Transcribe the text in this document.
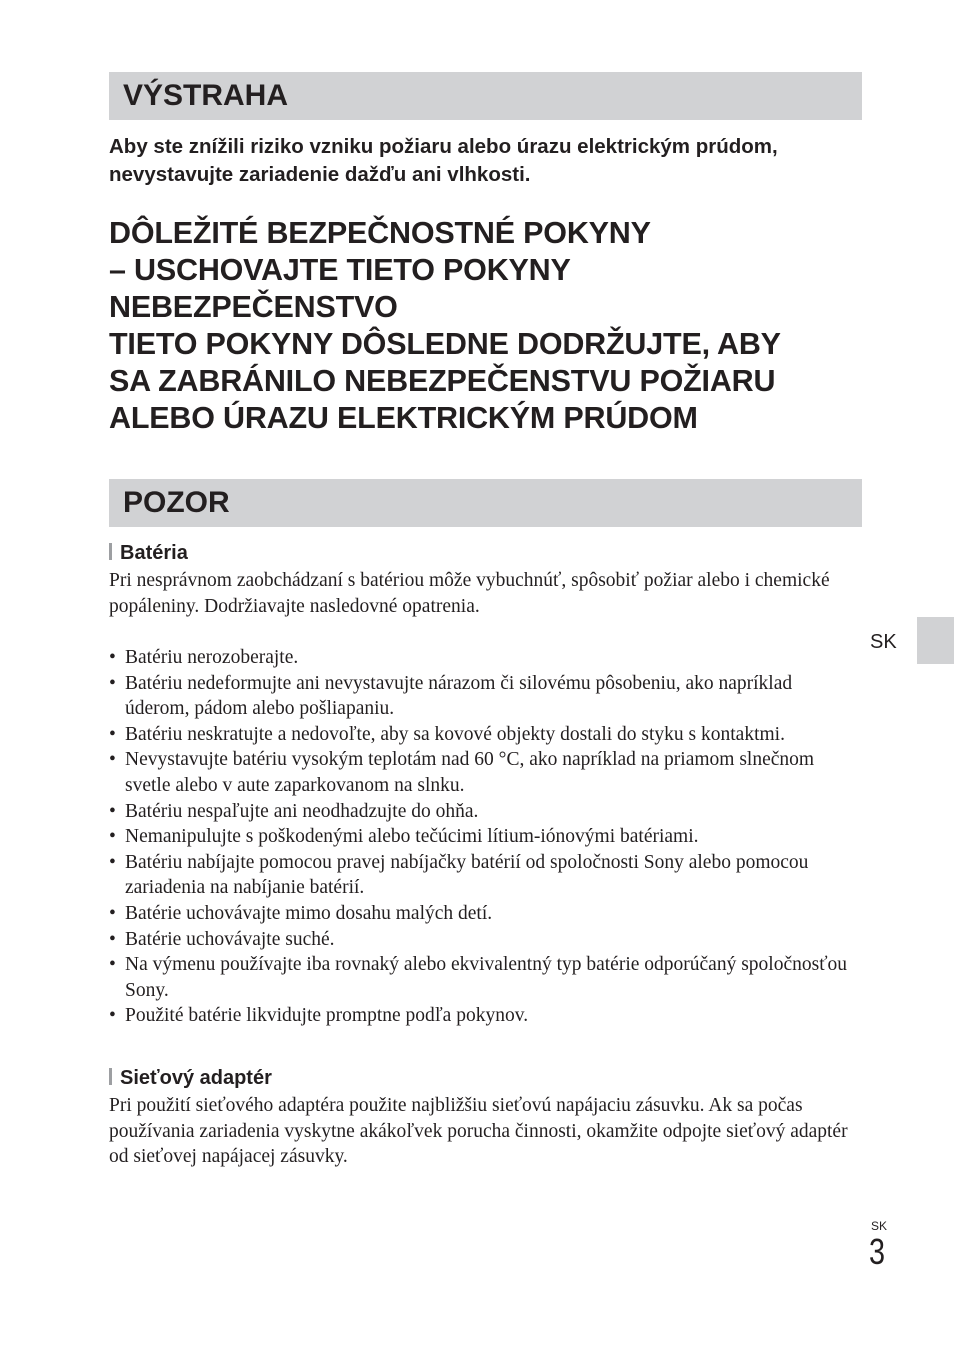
VÝSTRAHA
Aby ste znížili riziko vzniku požiaru alebo úrazu elektrickým prúdom, nevystavujte zariadenie dažďu ani vlhkosti.
DÔLEŽITÉ BEZPEČNOSTNÉ POKYNY
– USCHOVAJTE TIETO POKYNY
NEBEZPEČENSTVO
TIETO POKYNY DÔSLEDNE DODRŽUJTE, ABY
SA ZABRÁNILO NEBEZPEČENSTVU POŽIARU
ALEBO ÚRAZU ELEKTRICKÝM PRÚDOM
POZOR
Batéria
Pri nesprávnom zaobchádzaní s batériou môže vybuchnúť, spôsobiť požiar alebo i chemické popáleniny. Dodržiavajte nasledovné opatrenia.
• Batériu nerozoberajte.
• Batériu nedeformujte ani nevystavujte nárazom či silovému pôsobeniu, ako napríklad úderom, pádom alebo pošliapaniu.
• Batériu neskratujte a nedovoľte, aby sa kovové objekty dostali do styku s kontaktmi.
• Nevystavujte batériu vysokým teplotám nad 60 °C, ako napríklad na priamom slnečnom svetle alebo v aute zaparkovanom na slnku.
• Batériu nespaľujte ani neodhadzujte do ohňa.
• Nemanipulujte s poškodenými alebo tečúcimi lítium-iónovými batériami.
• Batériu nabíjajte pomocou pravej nabíjačky batérií od spoločnosti Sony alebo pomocou zariadenia na nabíjanie batérií.
• Batérie uchovávajte mimo dosahu malých detí.
• Batérie uchovávajte suché.
• Na výmenu používajte iba rovnaký alebo ekvivalentný typ batérie odporúčaný spoločnosťou Sony.
• Použité batérie likvidujte promptne podľa pokynov.
Sieťový adaptér
Pri použití sieťového adaptéra použite najbližšiu sieťovú napájaciu zásuvku. Ak sa počas používania zariadenia vyskytne akákoľvek porucha činnosti, okamžite odpojte sieťový adaptér od sieťovej napájacej zásuvky.
SK
SK
3
